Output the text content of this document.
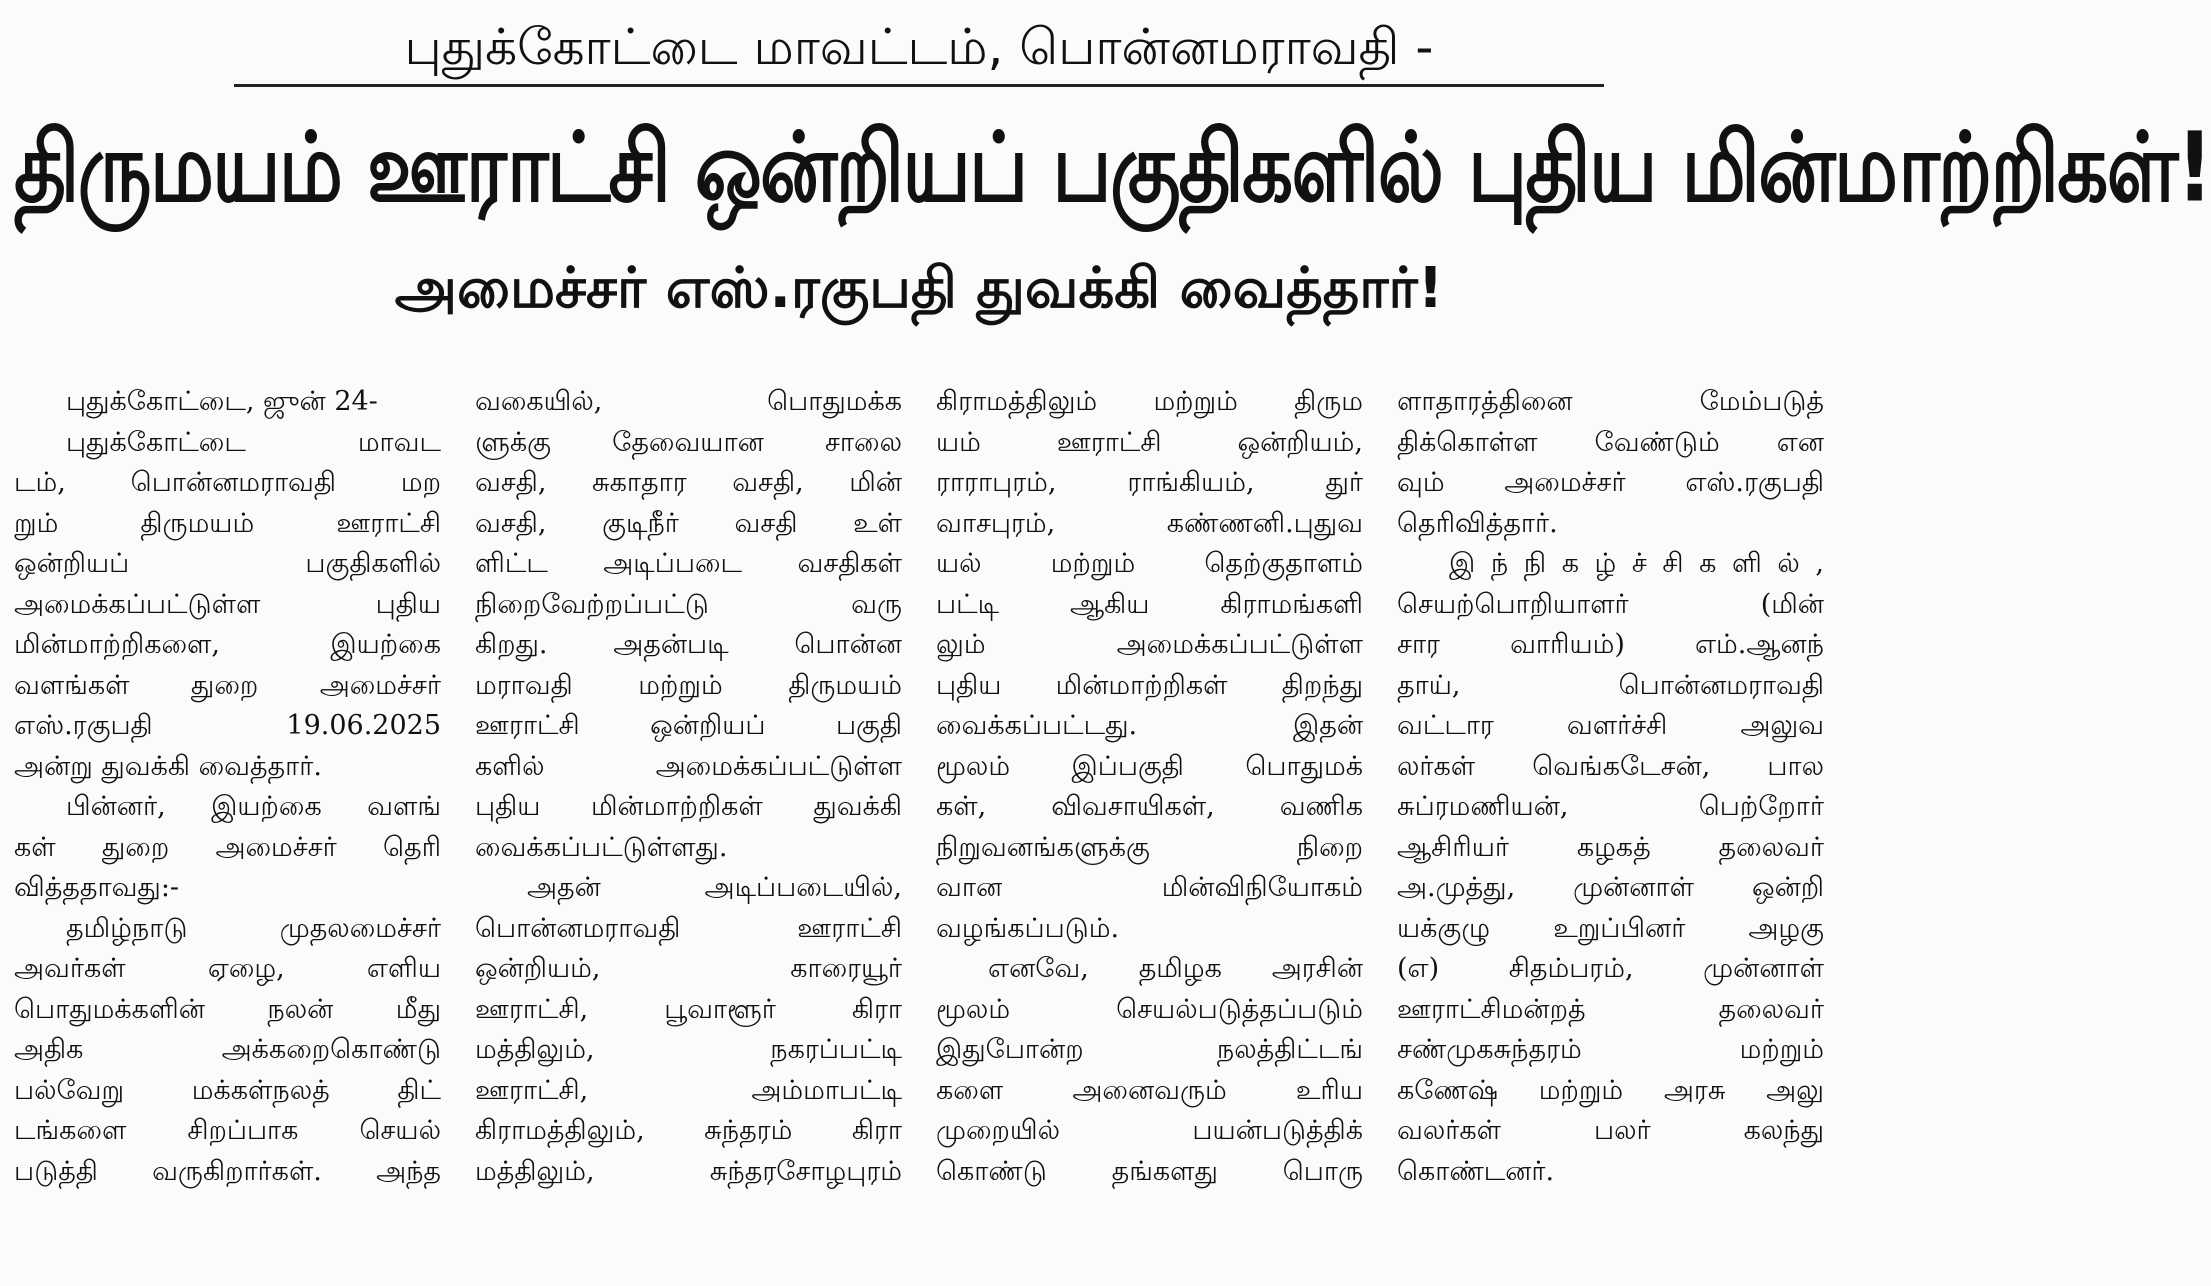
புதுக்கோட்டை மாவட்டம், பொன்னமராவதி -
திருமயம் ஊராட்சி ஒன்றியப் பகுதிகளில் புதிய மின்மாற்றிகள்!
அமைச்சர் எஸ்.ரகுபதி துவக்கி வைத்தார்!
புதுக்கோட்டை, ஜுன் 24-
புதுக்கோட்டை மாவட
டம், பொன்னமராவதி மற
றும் திருமயம் ஊராட்சி
ஒன்றியப் பகுதிகளில்
அமைக்கப்பட்டுள்ள புதிய
மின்மாற்றிகளை, இயற்கை
வளங்கள் துறை அமைச்சர்
எஸ்.ரகுபதி 19.06.2025
அன்று துவக்கி வைத்தார்.
பின்னர், இயற்கை வளங்
கள் துறை அமைச்சர் தெரி
வித்ததாவது:-
தமிழ்நாடு முதலமைச்சர்
அவர்கள் ஏழை, எளிய
பொதுமக்களின் நலன் மீது
அதிக அக்கறைகொண்டு
பல்வேறு மக்கள்நலத் திட்
டங்களை சிறப்பாக செயல்
படுத்தி வருகிறார்கள். அந்த
வகையில், பொதுமக்க
ளுக்கு தேவையான சாலை
வசதி, சுகாதார வசதி, மின்
வசதி, குடிநீர் வசதி உள்
ளிட்ட அடிப்படை வசதிகள்
நிறைவேற்றப்பட்டு வரு
கிறது. அதன்படி பொன்ன
மராவதி மற்றும் திருமயம்
ஊராட்சி ஒன்றியப் பகுதி
களில் அமைக்கப்பட்டுள்ள
புதிய மின்மாற்றிகள் துவக்கி
வைக்கப்பட்டுள்ளது.
அதன் அடிப்படையில்,
பொன்னமராவதி ஊராட்சி
ஒன்றியம், காரையூர்
ஊராட்சி, பூவாளூர் கிரா
மத்திலும், நகரப்பட்டி
ஊராட்சி, அம்மாபட்டி
கிராமத்திலும், சுந்தரம் கிரா
மத்திலும், சுந்தரசோழபுரம்
கிராமத்திலும் மற்றும் திரும
யம் ஊராட்சி ஒன்றியம்,
ராராபுரம், ராங்கியம், துர்
வாசபுரம், கண்ணனி.புதுவ
யல் மற்றும் தெற்குதாளம்
பட்டி ஆகிய கிராமங்களி
லும் அமைக்கப்பட்டுள்ள
புதிய மின்மாற்றிகள் திறந்து
வைக்கப்பட்டது. இதன்
மூலம் இப்பகுதி பொதுமக்
கள், விவசாயிகள், வணிக
நிறுவனங்களுக்கு நிறை
வான மின்விநியோகம்
வழங்கப்படும்.
எனவே, தமிழக அரசின்
மூலம் செயல்படுத்தப்படும்
இதுபோன்ற நலத்திட்டங்
களை அனைவரும் உரிய
முறையில் பயன்படுத்திக்
கொண்டு தங்களது பொரு
ளாதாரத்தினை மேம்படுத்
திக்கொள்ள வேண்டும் என
வும் அமைச்சர் எஸ்.ரகுபதி
தெரிவித்தார்.
இ ந் நி க ழ் ச் சி க ளி ல் ,
செயற்பொறியாளர் (மின்
சார வாரியம்) எம்.ஆனந்
தாய், பொன்னமராவதி
வட்டார வளர்ச்சி அலுவ
லர்கள் வெங்கடேசன், பால
சுப்ரமணியன், பெற்றோர்
ஆசிரியர் கழகத் தலைவர்
அ.முத்து, முன்னாள் ஒன்றி
யக்குழு உறுப்பினர் அழகு
(எ) சிதம்பரம், முன்னாள்
ஊராட்சிமன்றத் தலைவர்
சண்முகசுந்தரம் மற்றும்
கணேஷ் மற்றும் அரசு அலு
வலர்கள் பலர் கலந்து
கொண்டனர்.
